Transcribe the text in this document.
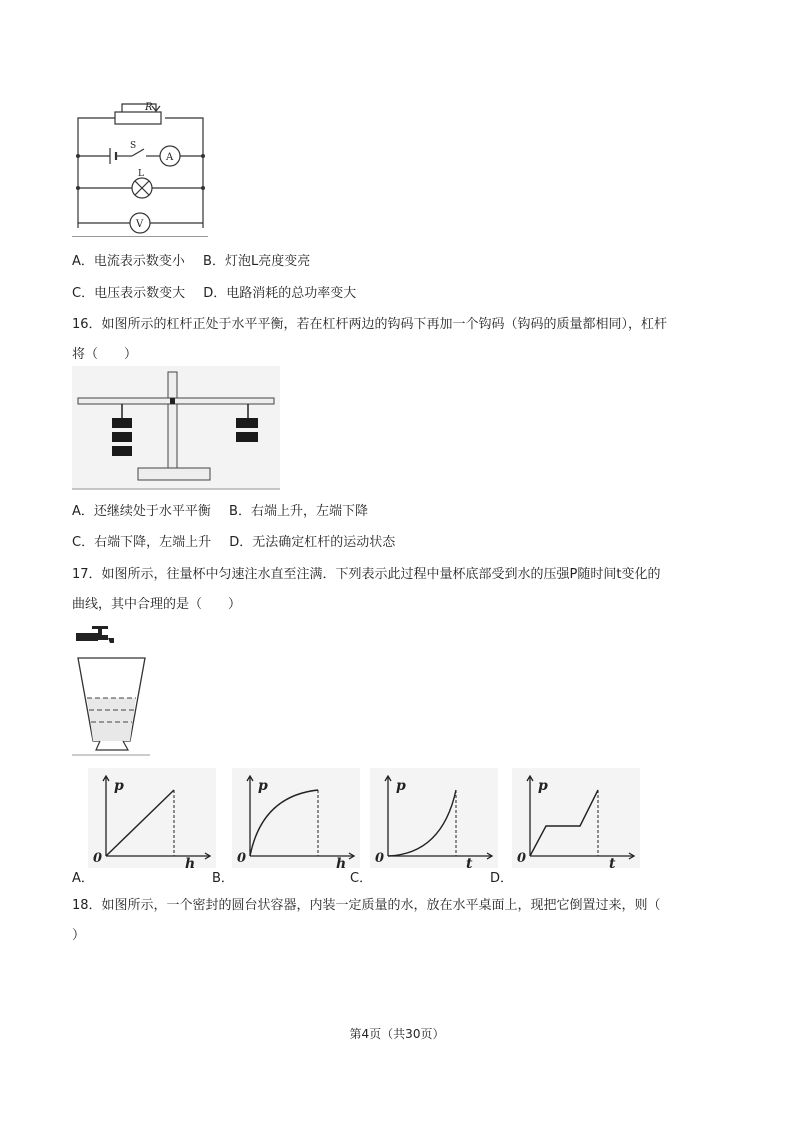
R
S
A
L
V
A．电流表示数变小 B．灯泡L亮度变亮
C．电压表示数变大 D．电路消耗的总功率变大
16．如图所示的杠杆正处于水平平衡，若在杠杆两边的钩码下再加一个钩码（钩码的质量都相同），杠杆
将（　　）
A．还继续处于水平平衡 B．右端上升，左端下降
C．右端下降，左端上升 D．无法确定杠杆的运动状态
17．如图所示，往量杯中匀速注水直至注满．下列表示此过程中量杯底部受到水的压强P随时间t变化的
曲线，其中合理的是（　　）
0
p
h	0
p
h 0
p
t	0
p
t
A．	C．	D．
B．
18．如图所示，一个密封的圆台状容器，内装一定质量的水，放在水平桌面上，现把它倒置过来，则（
）
第4页（共30页）
